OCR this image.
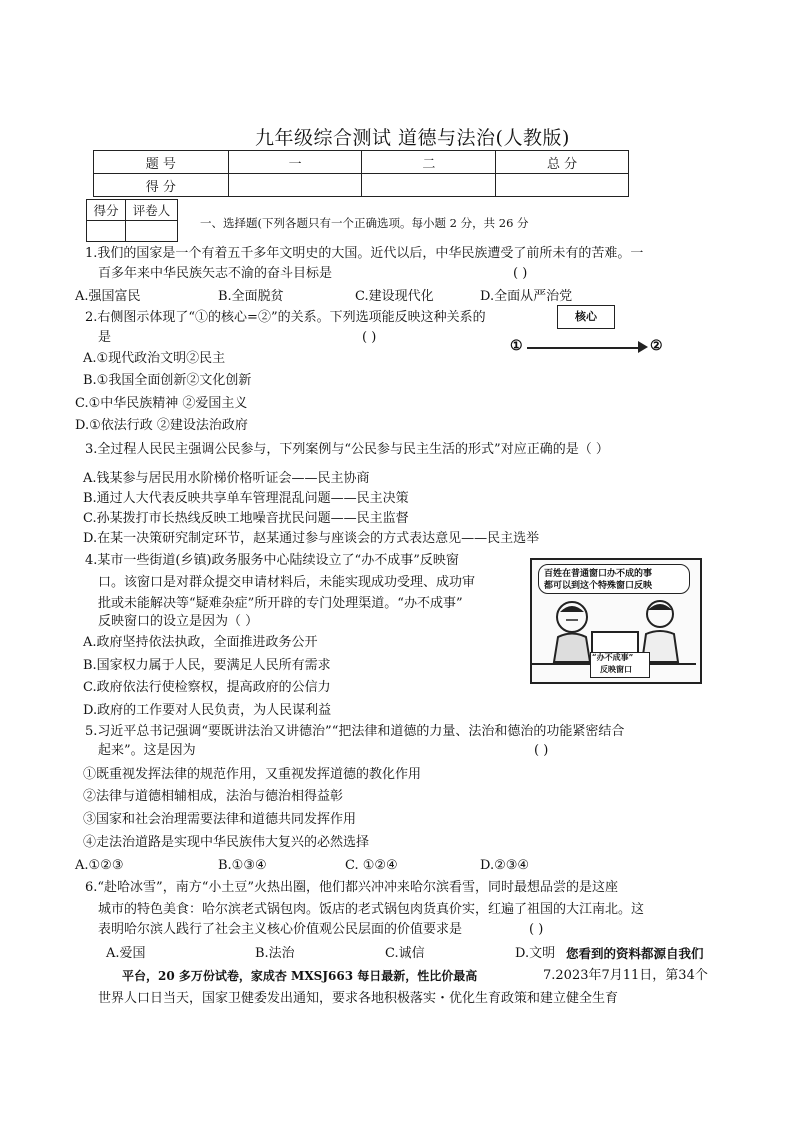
九年级综合测试 道德与法治(人教版)
题 号	一	二	总 分
得 分			
得分	评卷人

一、选择题(下列各题只有一个正确选项。每小题 2 分，共 26 分
1.我们的国家是一个有着五千多年文明史的大国。近代以后，中华民族遭受了前所未有的苦难。一
百多年来中华民族矢志不渝的奋斗目标是	( )
A.强国富民	B.全面脱贫	C.建设现代化	D.全面从严治党
2.右侧图示体现了“①的核心=②”的关系。下列选项能反映这种关系的
是	( )
A.①现代政治文明②民主
B.①我国全面创新②文化创新
C.①中华民族精神 ②爱国主义
D.①依法行政 ②建设法治政府
核心
①	②
3.全过程人民民主强调公民参与，下列案例与“公民参与民主生活的形式”对应正确的是（ ）
A.钱某参与居民用水阶梯价格听证会——民主协商
B.通过人大代表反映共享单车管理混乱问题——民主决策
C.孙某拨打市长热线反映工地噪音扰民问题——民主监督
D.在某一决策研究制定环节，赵某通过参与座谈会的方式表达意见——民主选举
4.某市一些街道(乡镇)政务服务中心陆续设立了“办不成事”反映窗
口。该窗口是对群众提交申请材料后，未能实现成功受理、成功审
批或未能解决等“疑难杂症”所开辟的专门处理渠道。“办不成事”
反映窗口的设立是因为（ ）
A.政府坚持依法执政，全面推进政务公开
B.国家权力属于人民，要满足人民所有需求
C.政府依法行使检察权，提高政府的公信力
D.政府的工作要对人民负责，为人民谋利益
百姓在普通窗口办不成的事
都可以到这个特殊窗口反映
“办不成事”
反映窗口
5.习近平总书记强调“要既讲法治又讲德治”“把法律和道德的力量、法治和德治的功能紧密结合
起来”。这是因为	( )
①既重视发挥法律的规范作用，又重视发挥道德的教化作用
②法律与道德相辅相成，法治与德治相得益彰
③国家和社会治理需要法律和道德共同发挥作用
④走法治道路是实现中华民族伟大复兴的必然选择
A.①②③	B.①③④	C. ①②④	D.②③④
6.“赴哈冰雪”，南方“小土豆”火热出圈，他们都兴冲冲来哈尔滨看雪，同时最想品尝的是这座
城市的特色美食：哈尔滨老式锅包肉。饭店的老式锅包肉货真价实，红遍了祖国的大江南北。这
表明哈尔滨人践行了社会主义核心价值观公民层面的价值要求是	( )
A.爱国	B.法治	C.诚信	D.文明 您看到的资料都源自我们
平台，20 多万份试卷，家成杏 MXSJ663 每日最新，性比价最高	7.2023年7月11日，第34个
世界人口日当天，国家卫健委发出通知，要求各地积极落实・优化生育政策和建立健全生育
